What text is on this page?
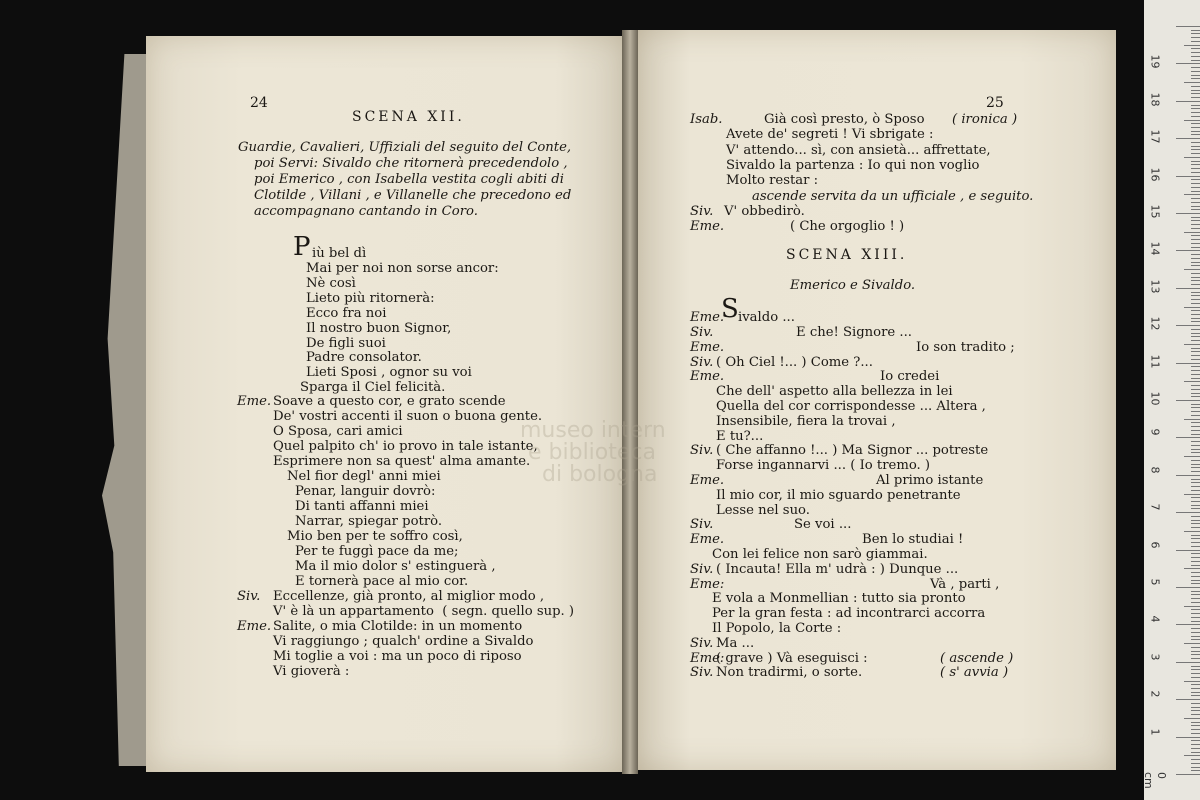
museo intern
e biblioteca
di bologna
24
SCENA XII.
Guardie, Cavalieri, Uffiziali del seguito del Conte,
poi Servi: Sivaldo che ritornerà precedendolo ,
poi Emerico , con Isabella vestita cogli abiti di
Clotilde , Villani , e Villanelle che precedono ed
accompagnano cantando in Coro.
P iù bel dì
Mai per noi non sorse ancor:
Nè così
Lieto più ritornerà:
Ecco fra noi
Il nostro buon Signor,
De figli suoi
Padre consolator.
Lieti Sposi , ognor su voi
Sparga il Ciel felicità.
Eme. Soave a questo cor, e grato scende
De' vostri accenti il suon o buona gente.
O Sposa, cari amici
Quel palpito ch' io provo in tale istante,
Esprimere non sa quest' alma amante.
Nel fior degl' anni miei
Penar, languir dovrò:
Di tanti affanni miei
Narrar, spiegar potrò.
Mio ben per te soffro così,
Per te fuggì pace da me;
Ma il mio dolor s' estinguerà ,
E tornerà pace al mio cor.
Siv. Eccellenze, già pronto, al miglior modo ,
V' è là un appartamento  ( segn. quello sup. )
Eme. Salite, o mia Clotilde: in un momento
Vi raggiungo ; qualch' ordine a Sivaldo
Mi toglie a voi : ma un poco di riposo
Vi gioverà :
25
Isab.	Già così presto, ò Sposo ( ironica )
Avete de' segreti ! Vi sbrigate :
V' attendo... sì, con ansietà... affrettate,
Sivaldo la partenza : Io qui non voglio
Molto restar :
ascende servita da un ufficiale , e seguito.
Siv. V' obbedirò.
Eme.	( Che orgoglio ! )
SCENA XIII.
Emerico e Sivaldo.
Eme.
S ivaldo ...
Siv.	E che! Signore ...
Eme.	Io son tradito ;
Siv. ( Oh Ciel !... ) Come ?...
Eme.	Io credei
Che dell' aspetto alla bellezza in lei
Quella del cor corrispondesse ... Altera ,
Insensibile, fiera la trovai ,
E tu?...
Siv. ( Che affanno !... ) Ma Signor ... potreste
Forse ingannarvi ... ( Io tremo. )
Eme.	Al primo istante
Il mio cor, il mio sguardo penetrante
Lesse nel suo.
Siv.	Se voi ...
Eme.	Ben lo studiai !
Con lei felice non sarò giammai.
Siv. ( Incauta! Ella m' udrà : ) Dunque ...
Eme:	Và , parti ,
E vola a Monmellian : tutto sia pronto
Per la gran festa : ad incontrarci accorra
Il Popolo, la Corte :
Siv. Ma ...
Eme:
( grave ) Và eseguisci :	( ascende )
Siv. Non tradirmi, o sorte.	( s' avvia )
0 cm
1
2
3
4
5
6
7
8
9
10
11
12
13
14
15
16
17
18
19
